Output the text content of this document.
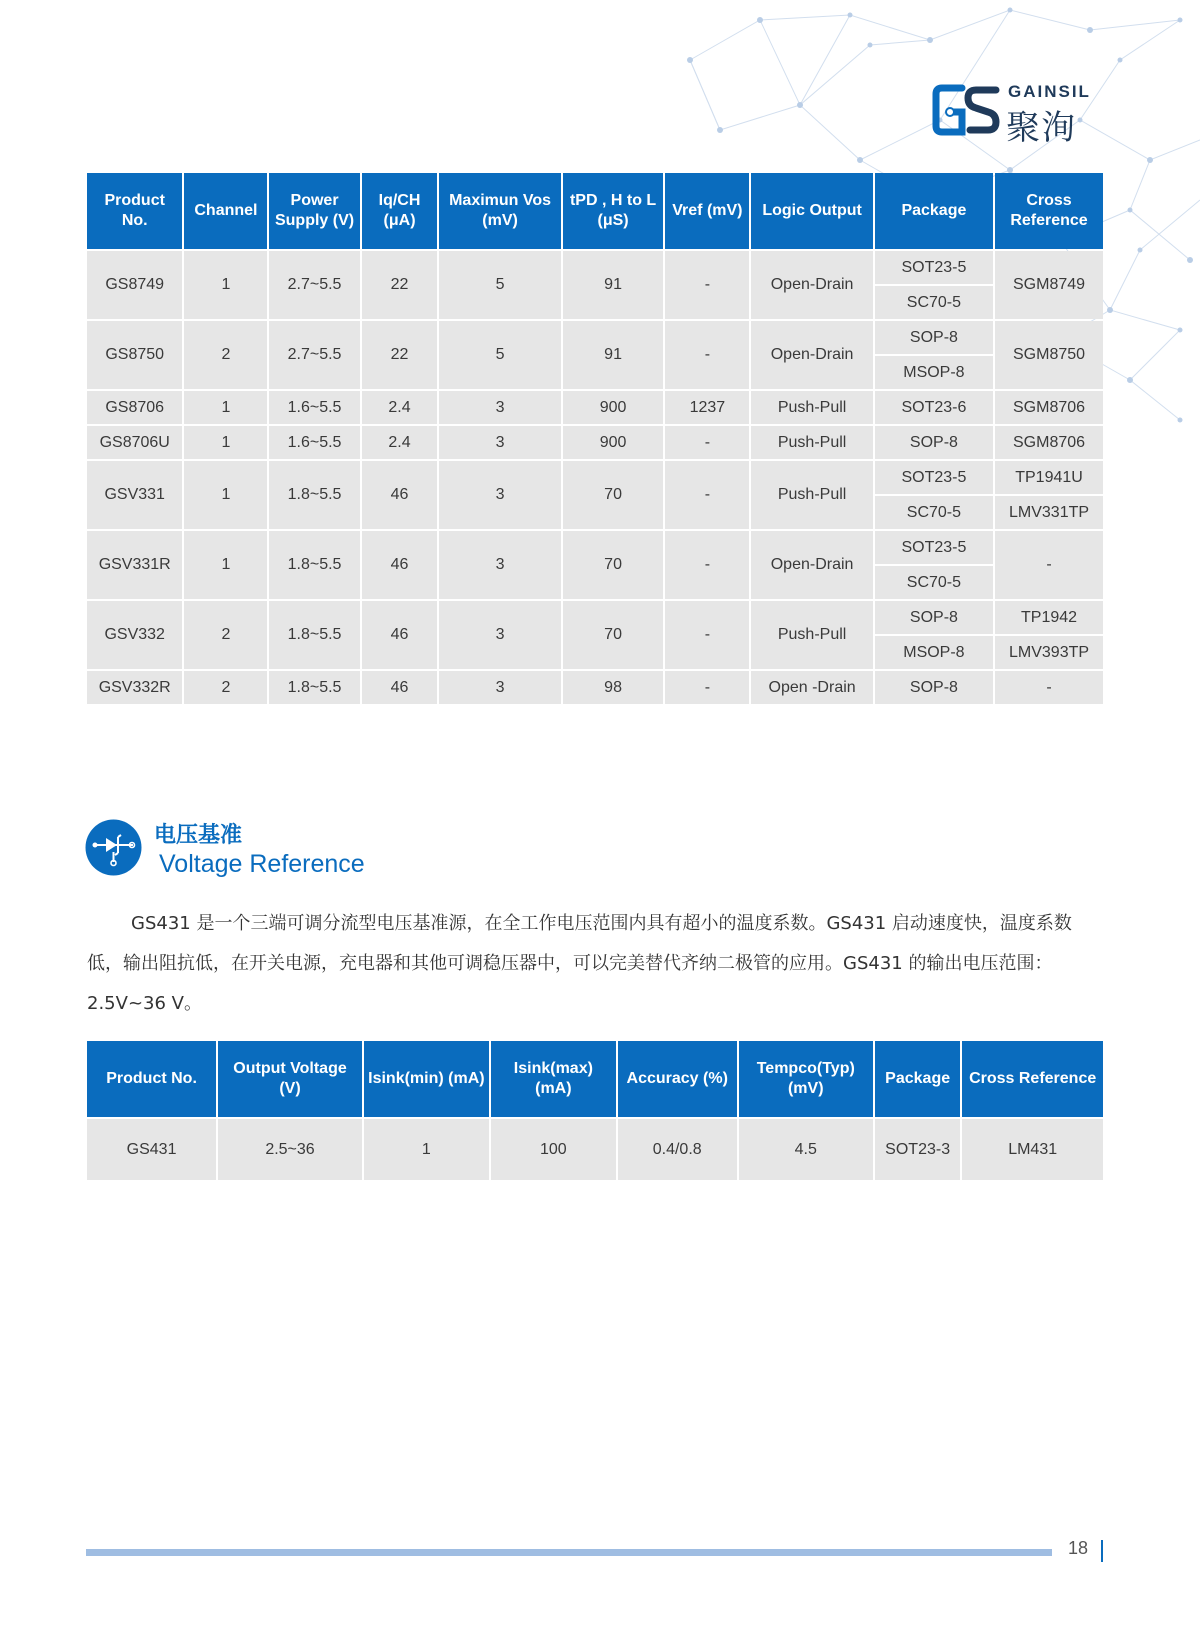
GAINSIL
聚洵
Product No.	Channel	Power Supply (V)	Iq/CH (μA)	Maximun Vos (mV)	tPD , H to L (μS)	Vref (mV)	Logic Output	Package	Cross Reference
GS8749	1	2.7~5.5	22	5	91	-	Open-Drain	SOT23-5	SGM8749
								SC70-5	
GS8750	2	2.7~5.5	22	5	91	-	Open-Drain	SOP-8	SGM8750
								MSOP-8	
GS8706	1	1.6~5.5	2.4	3	900	1237	Push-Pull	SOT23-6	SGM8706
GS8706U	1	1.6~5.5	2.4	3	900	-	Push-Pull	SOP-8	SGM8706
GSV331	1	1.8~5.5	46	3	70	-	Push-Pull	SOT23-5	TP1941U
								SC70-5	LMV331TP
GSV331R	1	1.8~5.5	46	3	70	-	Open-Drain	SOT23-5	-
								SC70-5	
GSV332	2	1.8~5.5	46	3	70	-	Push-Pull	SOP-8	TP1942
								MSOP-8	LMV393TP
GSV332R	2	1.8~5.5	46	3	98	-	Open -Drain	SOP-8	-
电压基准
Voltage Reference

GS431 是一个三端可调分流型电压基准源，在全工作电压范围内具有超小的温度系数。GS431 启动速度快，温度系数低，输出阻抗低，在开关电源，充电器和其他可调稳压器中，可以完美替代齐纳二极管的应用。GS431 的输出电压范围：2.5V~36 V。

Product No.	Output Voltage (V)	Isink(min) (mA)	Isink(max) (mA)	Accuracy (%)	Tempco(Typ) (mV)	Package	Cross Reference
GS431	2.5~36	1	100	0.4/0.8	4.5	SOT23-3	LM431
18
